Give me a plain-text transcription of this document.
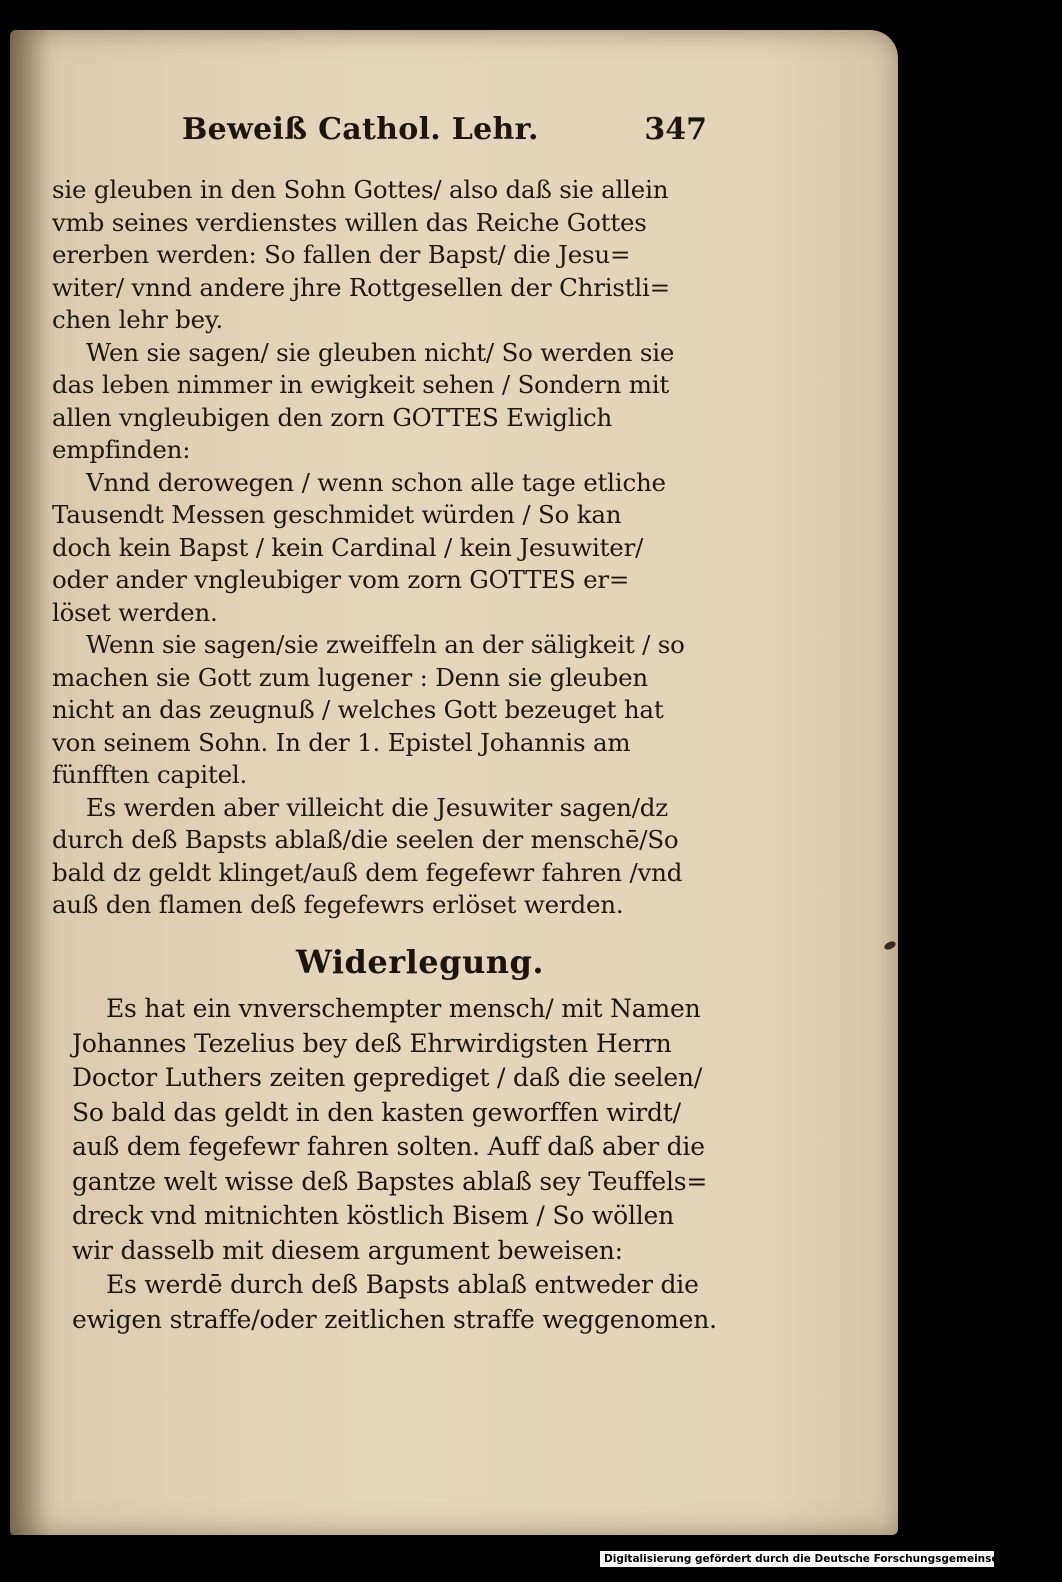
Beweiß Cathol. Lehr.	347
sie gleuben in den Sohn Gottes/ also daß sie allein
vmb seines verdienstes willen das Reiche Gottes
ererben werden: So fallen der Bapst/ die Jesu=
witer/ vnnd andere jhre Rottgesellen der Christli=
chen lehr bey.
Wen sie sagen/ sie gleuben nicht/ So werden sie
das leben nimmer in ewigkeit sehen / Sondern mit
allen vngleubigen den zorn GOTTES Ewiglich
empfinden:
Vnnd derowegen / wenn schon alle tage etliche
Tausendt Messen geschmidet würden / So kan
doch kein Bapst / kein Cardinal / kein Jesuwiter/
oder ander vngleubiger vom zorn GOTTES er=
löset werden.
Wenn sie sagen/sie zweiffeln an der säligkeit / so
machen sie Gott zum lugener : Denn sie gleuben
nicht an das zeugnuß / welches Gott bezeuget hat
von seinem Sohn. In der 1. Epistel Johannis am
fünfften capitel.
Es werden aber villeicht die Jesuwiter sagen/dz
durch deß Bapsts ablaß/die seelen der menschē/So
bald dz geldt klinget/auß dem fegefewr fahren /vnd
auß den flamen deß fegefewrs erlöset werden.
Widerlegung.
Es hat ein vnverschempter mensch/ mit Namen
Johannes Tezelius bey deß Ehrwirdigsten Herrn
Doctor Luthers zeiten geprediget / daß die seelen/
So bald das geldt in den kasten geworffen wirdt/
auß dem fegefewr fahren solten. Auff daß aber die
gantze welt wisse deß Bapstes ablaß sey Teuffels=
dreck vnd mitnichten köstlich Bisem / So wöllen
wir dasselb mit diesem argument beweisen:
Es werdē durch deß Bapsts ablaß entweder die
ewigen straffe/oder zeitlichen straffe weggenomen.
Digitalisierung gefördert durch die Deutsche Forschungsgemeinschaft - DFG
